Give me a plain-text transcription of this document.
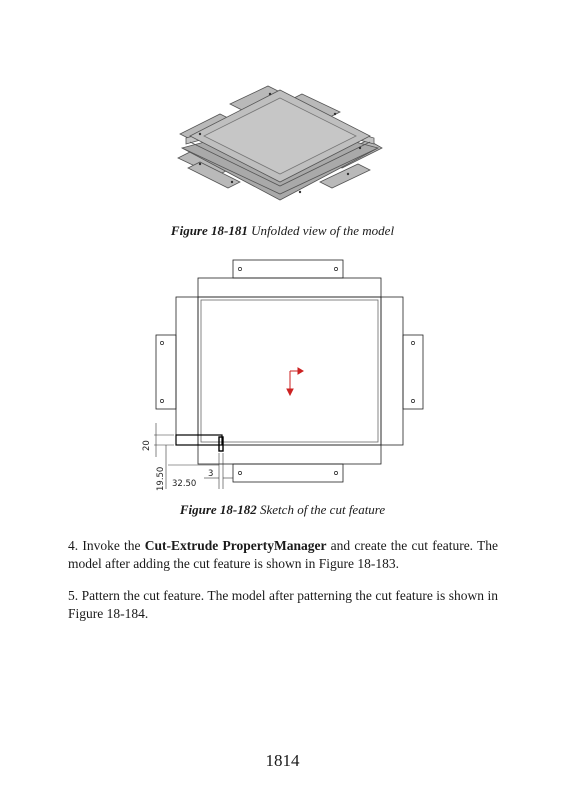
Figure 18-181 Unfolded view of the model
20
3
32.50
19.50
Figure 18-182 Sketch of the cut feature
4. Invoke the Cut-Extrude PropertyManager and create the cut feature. The model after adding the cut feature is shown in Figure 18-183.
5. Pattern the cut feature. The model after patterning the cut feature is shown in Figure 18-184.
1814
